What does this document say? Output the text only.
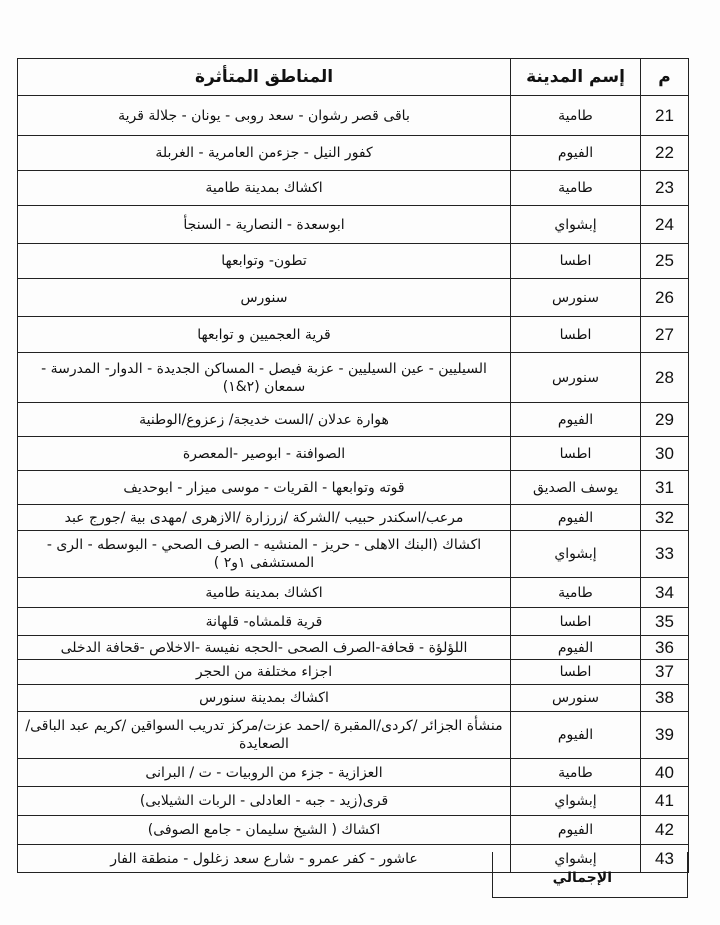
م	إسم المدينة	المناطق المتأثرة
21	طامية	باقى قصر رشوان - سعد روبى - يونان - جلالة قرية
22	الفيوم	كفور النيل - جزءمن العامرية - الغربلة
23	طامية	اكشاك بمدينة طامية
24	إبشواي	ابوسعدة - النصارية - السنجأ
25	اطسا	تطون- وتوابعها
26	سنورس	سنورس
27	اطسا	قرية العجميين و توابعها
28	سنورس	السيليين - عين السيليين - عزبة فيصل - المساكن الجديدة - الدوار- المدرسة - سمعان (٢&١)
29	الفيوم	هوارة عدلان /الست خديجة/ زعزوع/الوطنية
30	اطسا	الصوافنة - ابوصير -المعصرة
31	يوسف الصديق	قوته وتوابعها - القريات - موسى ميزار - ابوحديف
32	الفيوم	مرعب/اسكندر حبيب /الشركة /زرزارة /الازهرى /مهدى بية /جورج عبد
33	إبشواي	اكشاك (البنك الاهلى - حريز - المنشيه - الصرف الصحي - البوسطه - الرى - المستشفى ١و٢ )
34	طامية	اكشاك بمدينة طامية
35	اطسا	قرية قلمشاه- قلهانة
36	الفيوم	اللؤلؤة - قحافة-الصرف الصحى -الحجه نفيسة -الاخلاص -قحافة الدخلى
37	اطسا	اجزاء مختلفة من الحجر
38	سنورس	اكشاك بمدينة سنورس
39	الفيوم	منشأة الجزائر /كردى/المقبرة /احمد عزت/مركز تدريب السواقين /كريم عبد الباقى/الصعايدة
40	طامية	العزازية - جزء من الروبيات - ت / البرانى
41	إبشواي	قرى(زيد - جبه - العادلى - الربات الشيلابى)
42	الفيوم	اكشاك ( الشيخ سليمان - جامع الصوفى)
43	إبشواي	عاشور - كفر عمرو - شارع سعد زغلول - منطقة الفار
الإجمالي
